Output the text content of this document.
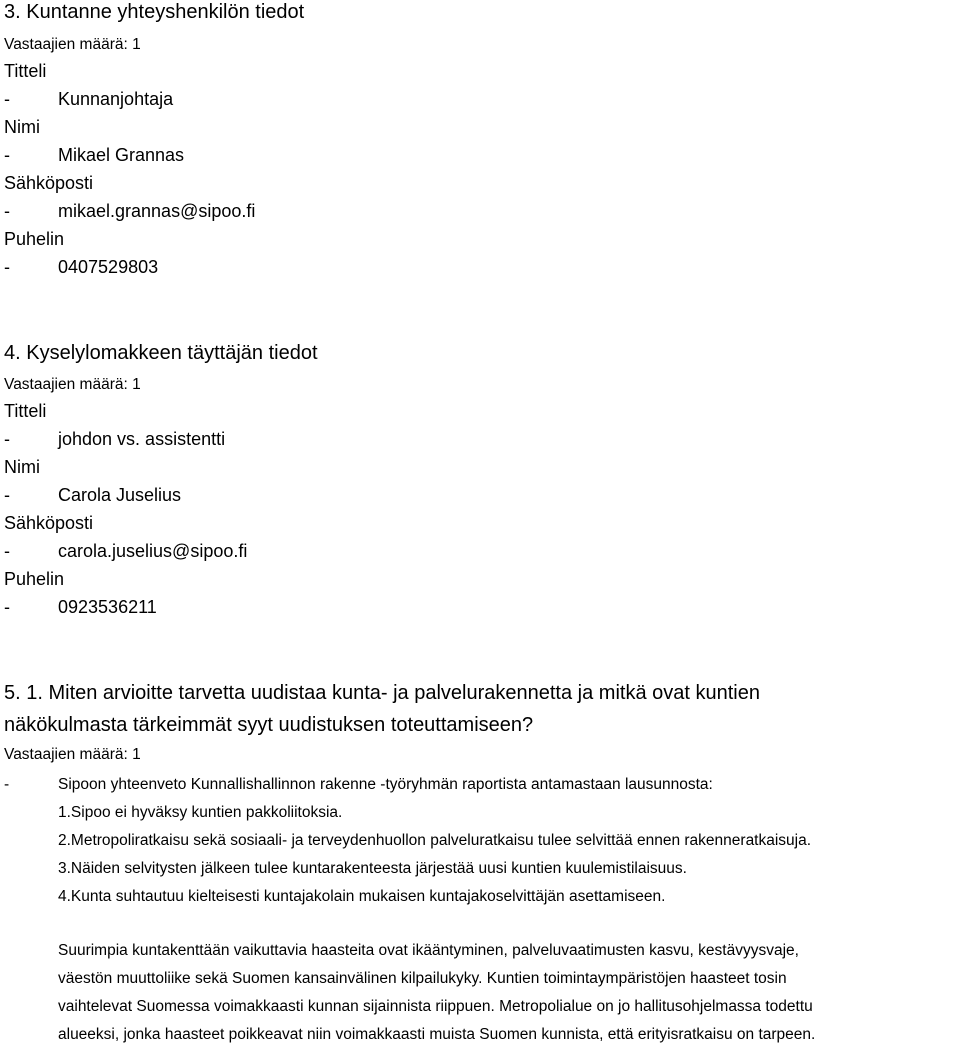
3. Kuntanne yhteyshenkilön tiedot
Vastaajien määrä: 1
Titteli
-	Kunnanjohtaja
Nimi
-	Mikael Grannas
Sähköposti
-	mikael.grannas@sipoo.fi
Puhelin
-	0407529803
4. Kyselylomakkeen täyttäjän tiedot
Vastaajien määrä: 1
Titteli
-	johdon vs. assistentti
Nimi
-	Carola Juselius
Sähköposti
-	carola.juselius@sipoo.fi
Puhelin
-	0923536211
5. 1. Miten arvioitte tarvetta uudistaa kunta- ja palvelurakennetta ja mitkä ovat kuntien
näkökulmasta tärkeimmät syyt uudistuksen toteuttamiseen?
Vastaajien määrä: 1
-	Sipoon yhteenveto Kunnallishallinnon rakenne -työryhmän raportista antamastaan lausunnosta:
1.Sipoo ei hyväksy kuntien pakkoliitoksia.
2.Metropoliratkaisu sekä sosiaali- ja terveydenhuollon palveluratkaisu tulee selvittää ennen rakenneratkaisuja.
3.Näiden selvitysten jälkeen tulee kuntarakenteesta järjestää uusi kuntien kuulemistilaisuus.
4.Kunta suhtautuu kielteisesti kuntajakolain mukaisen kuntajakoselvittäjän asettamiseen.
Suurimpia kuntakenttään vaikuttavia haasteita ovat ikääntyminen, palveluvaatimusten kasvu, kestävyysvaje,
väestön muuttoliike sekä Suomen kansainvälinen kilpailukyky. Kuntien toimintaympäristöjen haasteet tosin
vaihtelevat Suomessa voimakkaasti kunnan sijainnista riippuen. Metropolialue on jo hallitusohjelmassa todettu
alueeksi, jonka haasteet poikkeavat niin voimakkaasti muista Suomen kunnista, että erityisratkaisu on tarpeen.
